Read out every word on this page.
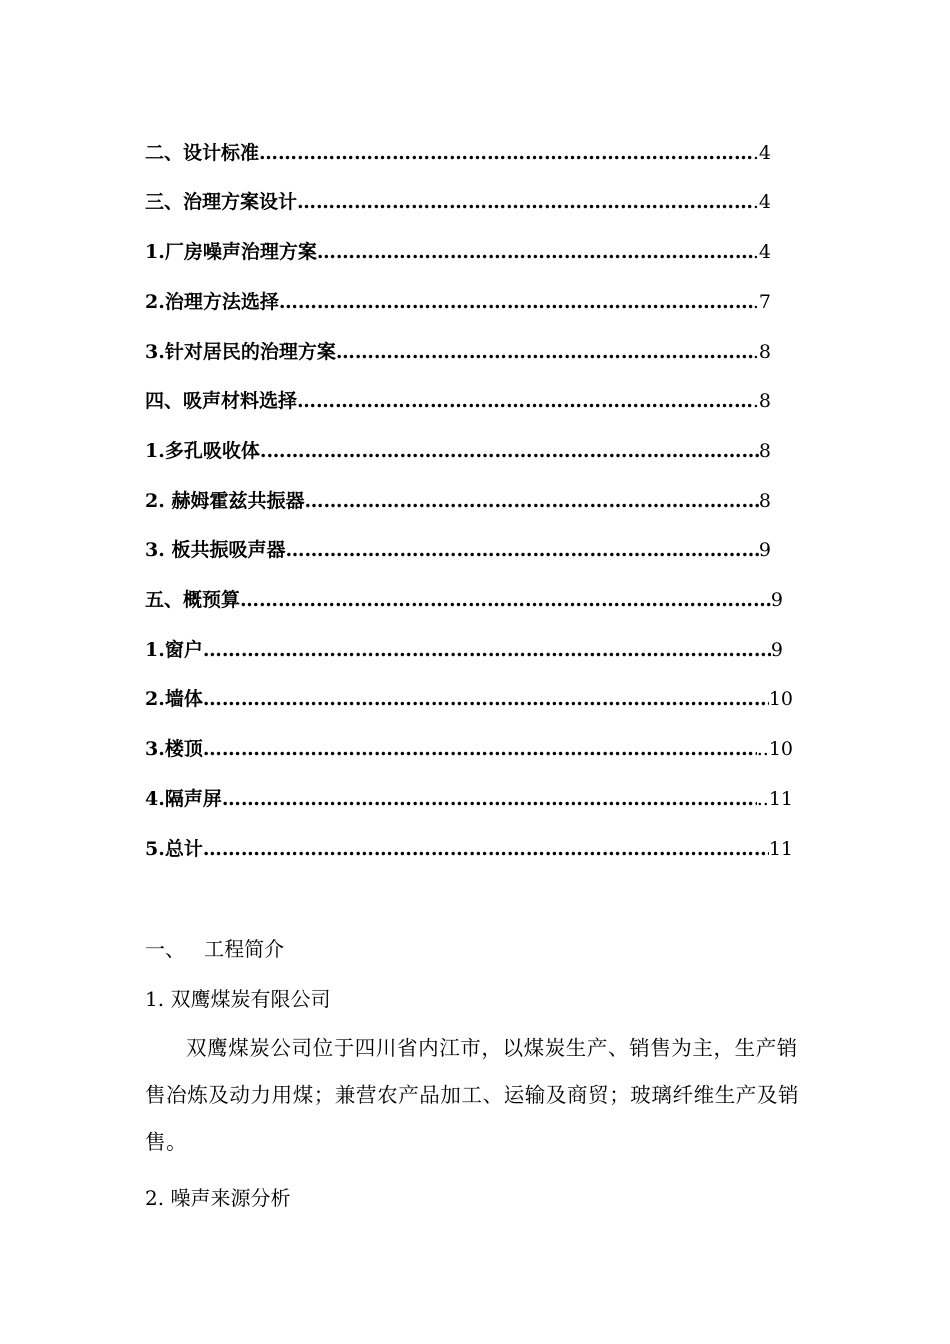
二、设计标准 ……………………………………………………………………………………………………………………………………………………………………………………	.4
三、治理方案设计 ……………………………………………………………………………………………………………………………………………………………………………………	.4
1.厂房噪声治理方案 ……………………………………………………………………………………………………………………………………………………………………………………	.4
2.治理方法选择 ……………………………………………………………………………………………………………………………………………………………………………………	.7
3.针对居民的治理方案 ……………………………………………………………………………………………………………………………………………………………………………………	.8
四、吸声材料选择 ……………………………………………………………………………………………………………………………………………………………………………………	.8
1.多孔吸收体. ……………………………………………………………………………………………………………………………………………………………………………………	8
2. 赫姆霍兹共振器 ……………………………………………………………………………………………………………………………………………………………………………………	8
3. 板共振吸声器 ……………………………………………………………………………………………………………………………………………………………………………………	9
五、概预算 ……………………………………………………………………………………………………………………………………………………………………………………	9
1.窗户 ……………………………………………………………………………………………………………………………………………………………………………………	9
2.墙体 ……………………………………………………………………………………………………………………………………………………………………………………	10
3.楼顶 ……………………………………………………………………………………………………………………………………………………………………………………	..10
4.隔声屏 ……………………………………………………………………………………………………………………………………………………………………………………	..11
5.总计 ……………………………………………………………………………………………………………………………………………………………………………………	11
一、   工程简介
1. 双鹰煤炭有限公司
双鹰煤炭公司位于四川省内江市，以煤炭生产、销售为主，生产销售冶炼及动力用煤；兼营农产品加工、运输及商贸；玻璃纤维生产及销售。
2. 噪声来源分析
